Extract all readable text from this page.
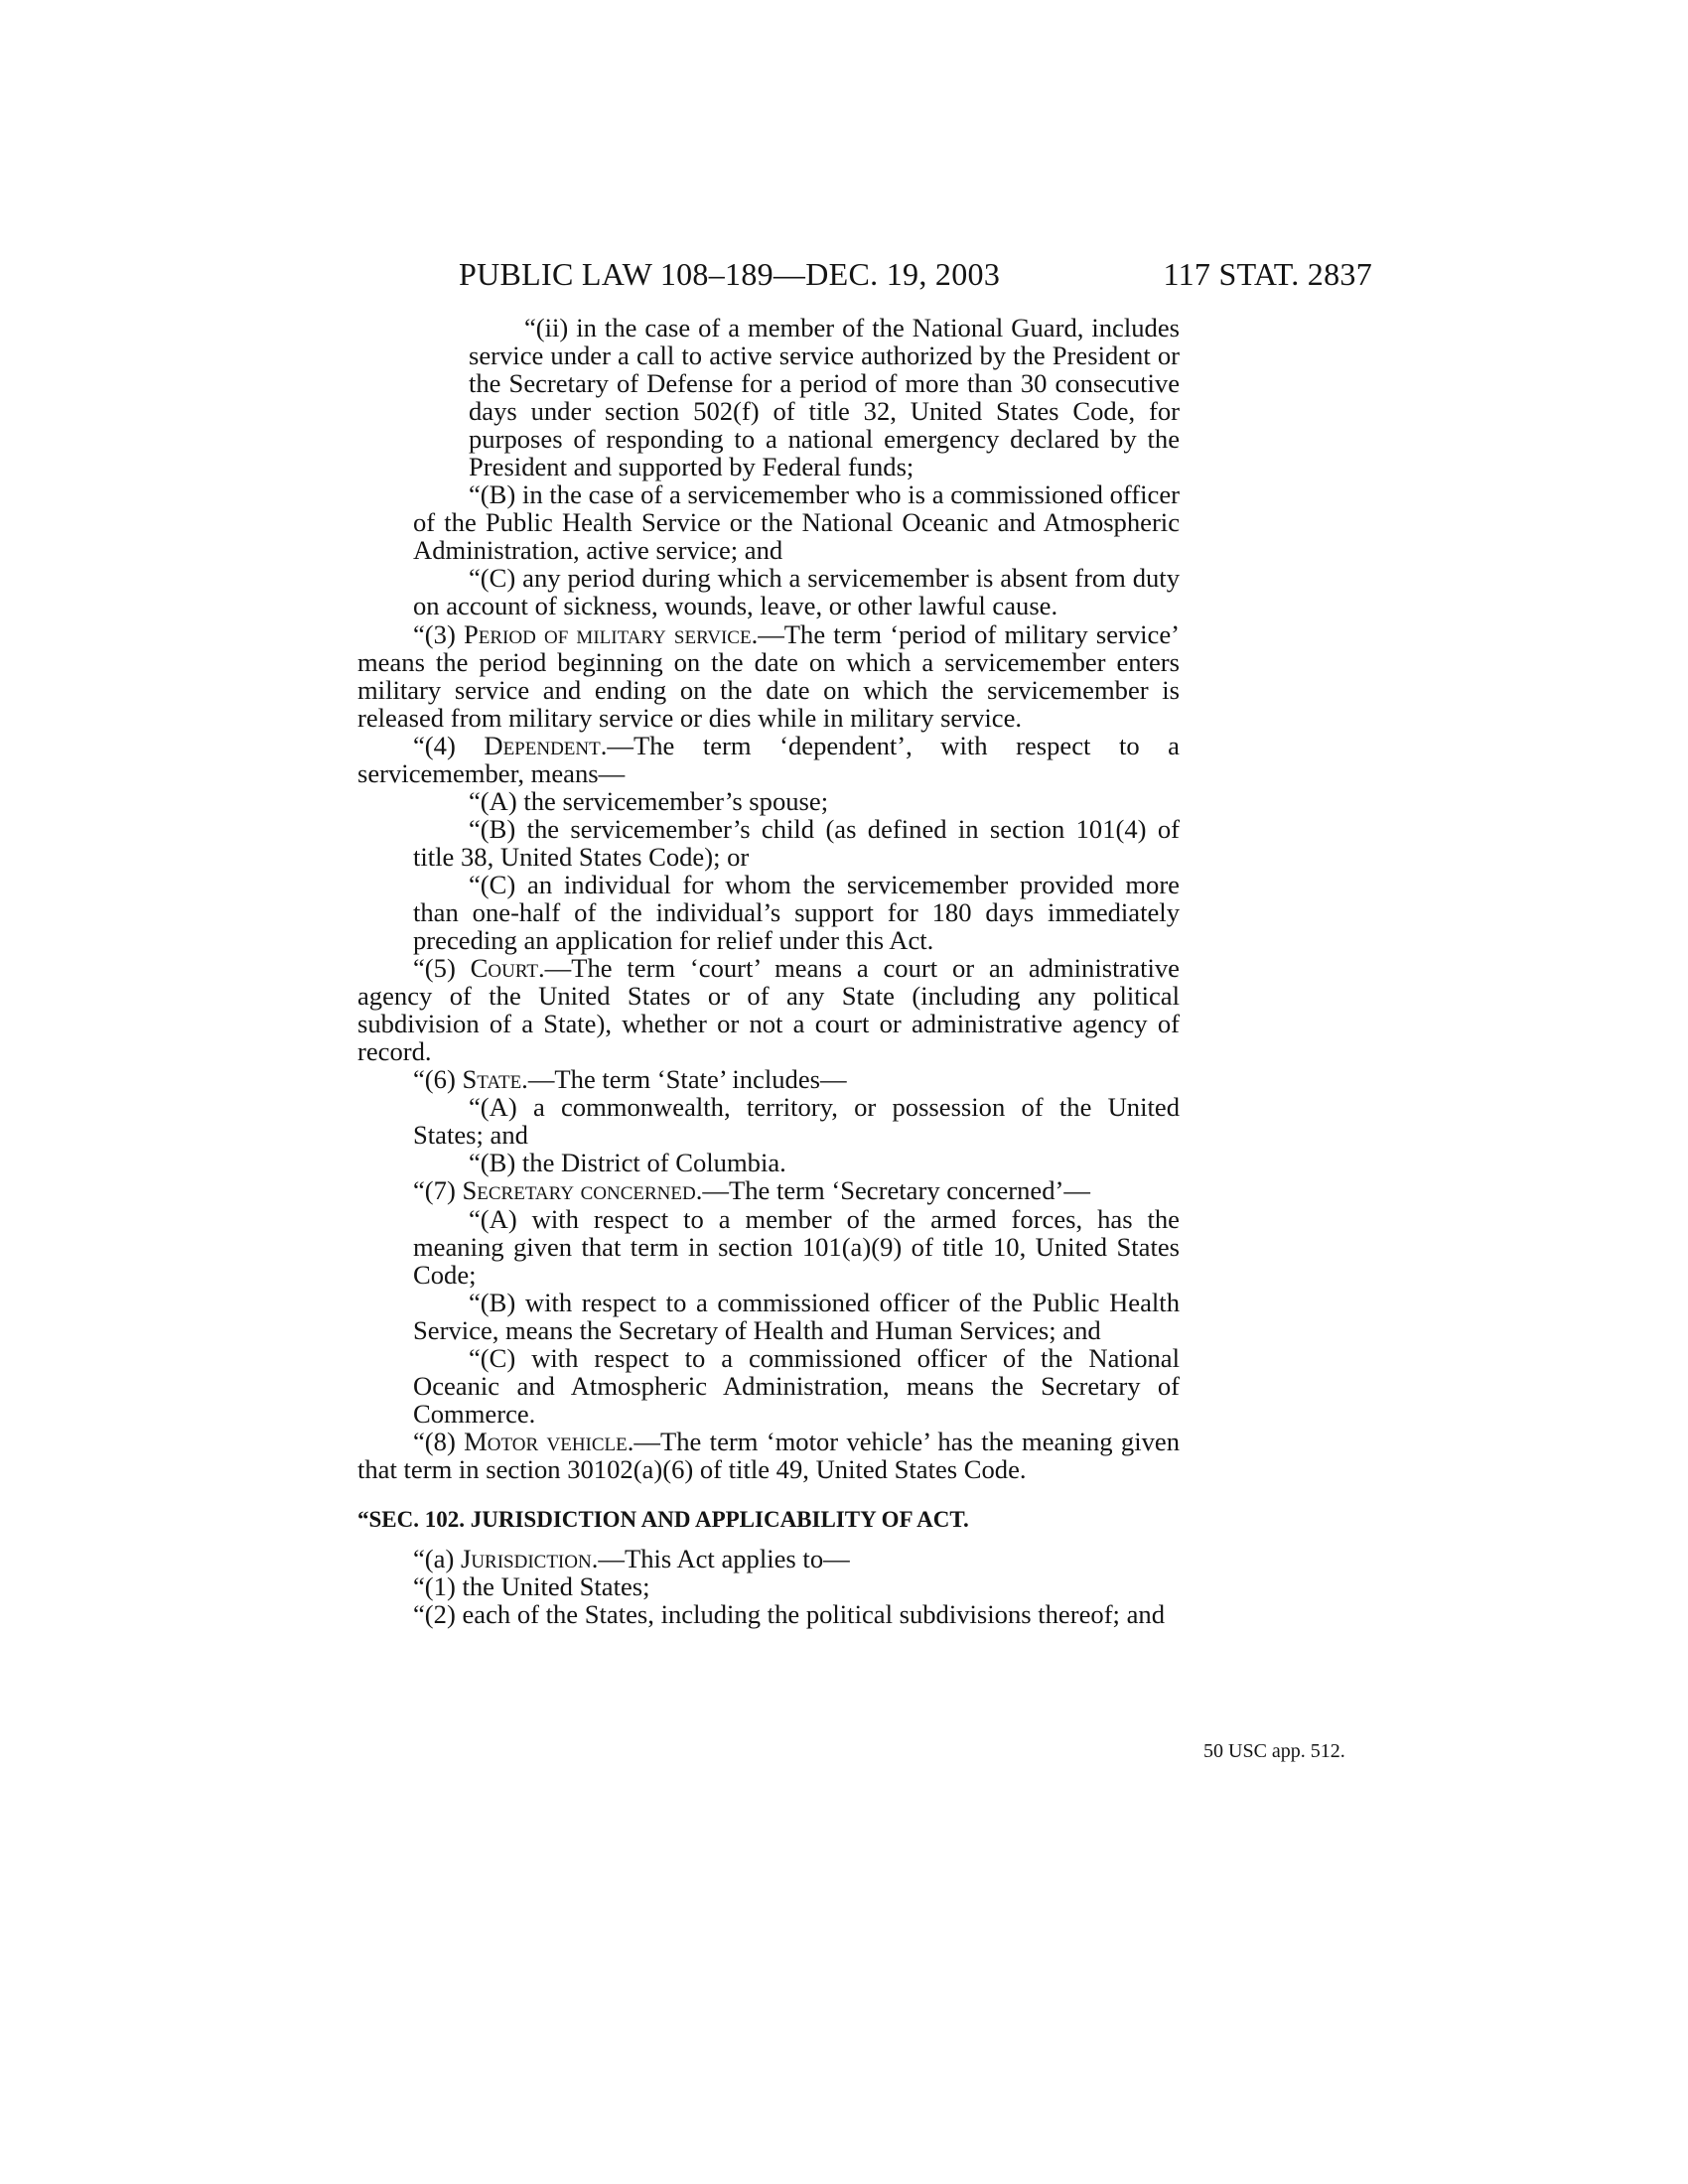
PUBLIC LAW 108–189—DEC. 19, 2003	117 STAT. 2837

“(ii) in the case of a member of the National Guard, includes service under a call to active service authorized by the President or the Secretary of Defense for a period of more than 30 consecutive days under section 502(f) of title 32, United States Code, for purposes of responding to a national emergency declared by the President and supported by Federal funds;

“(B) in the case of a servicemember who is a commissioned officer of the Public Health Service or the National Oceanic and Atmospheric Administration, active service; and

“(C) any period during which a servicemember is absent from duty on account of sickness, wounds, leave, or other lawful cause.

“(3) Period of military service.—The term ‘period of military service’ means the period beginning on the date on which a servicemember enters military service and ending on the date on which the servicemember is released from military service or dies while in military service.

“(4) Dependent.—The term ‘dependent’, with respect to a servicemember, means—

“(A) the servicemember’s spouse;

“(B) the servicemember’s child (as defined in section 101(4) of title 38, United States Code); or

“(C) an individual for whom the servicemember provided more than one-half of the individual’s support for 180 days immediately preceding an application for relief under this Act.

“(5) Court.—The term ‘court’ means a court or an administrative agency of the United States or of any State (including any political subdivision of a State), whether or not a court or administrative agency of record.

“(6) State.—The term ‘State’ includes—

“(A) a commonwealth, territory, or possession of the United States; and

“(B) the District of Columbia.

“(7) Secretary concerned.—The term ‘Secretary concerned’—

“(A) with respect to a member of the armed forces, has the meaning given that term in section 101(a)(9) of title 10, United States Code;

“(B) with respect to a commissioned officer of the Public Health Service, means the Secretary of Health and Human Services; and

“(C) with respect to a commissioned officer of the National Oceanic and Atmospheric Administration, means the Secretary of Commerce.

“(8) Motor vehicle.—The term ‘motor vehicle’ has the meaning given that term in section 30102(a)(6) of title 49, United States Code.

“SEC. 102. JURISDICTION AND APPLICABILITY OF ACT.

“(a) Jurisdiction.—This Act applies to—

“(1) the United States;

“(2) each of the States, including the political subdivisions thereof; and

50 USC app. 512.
